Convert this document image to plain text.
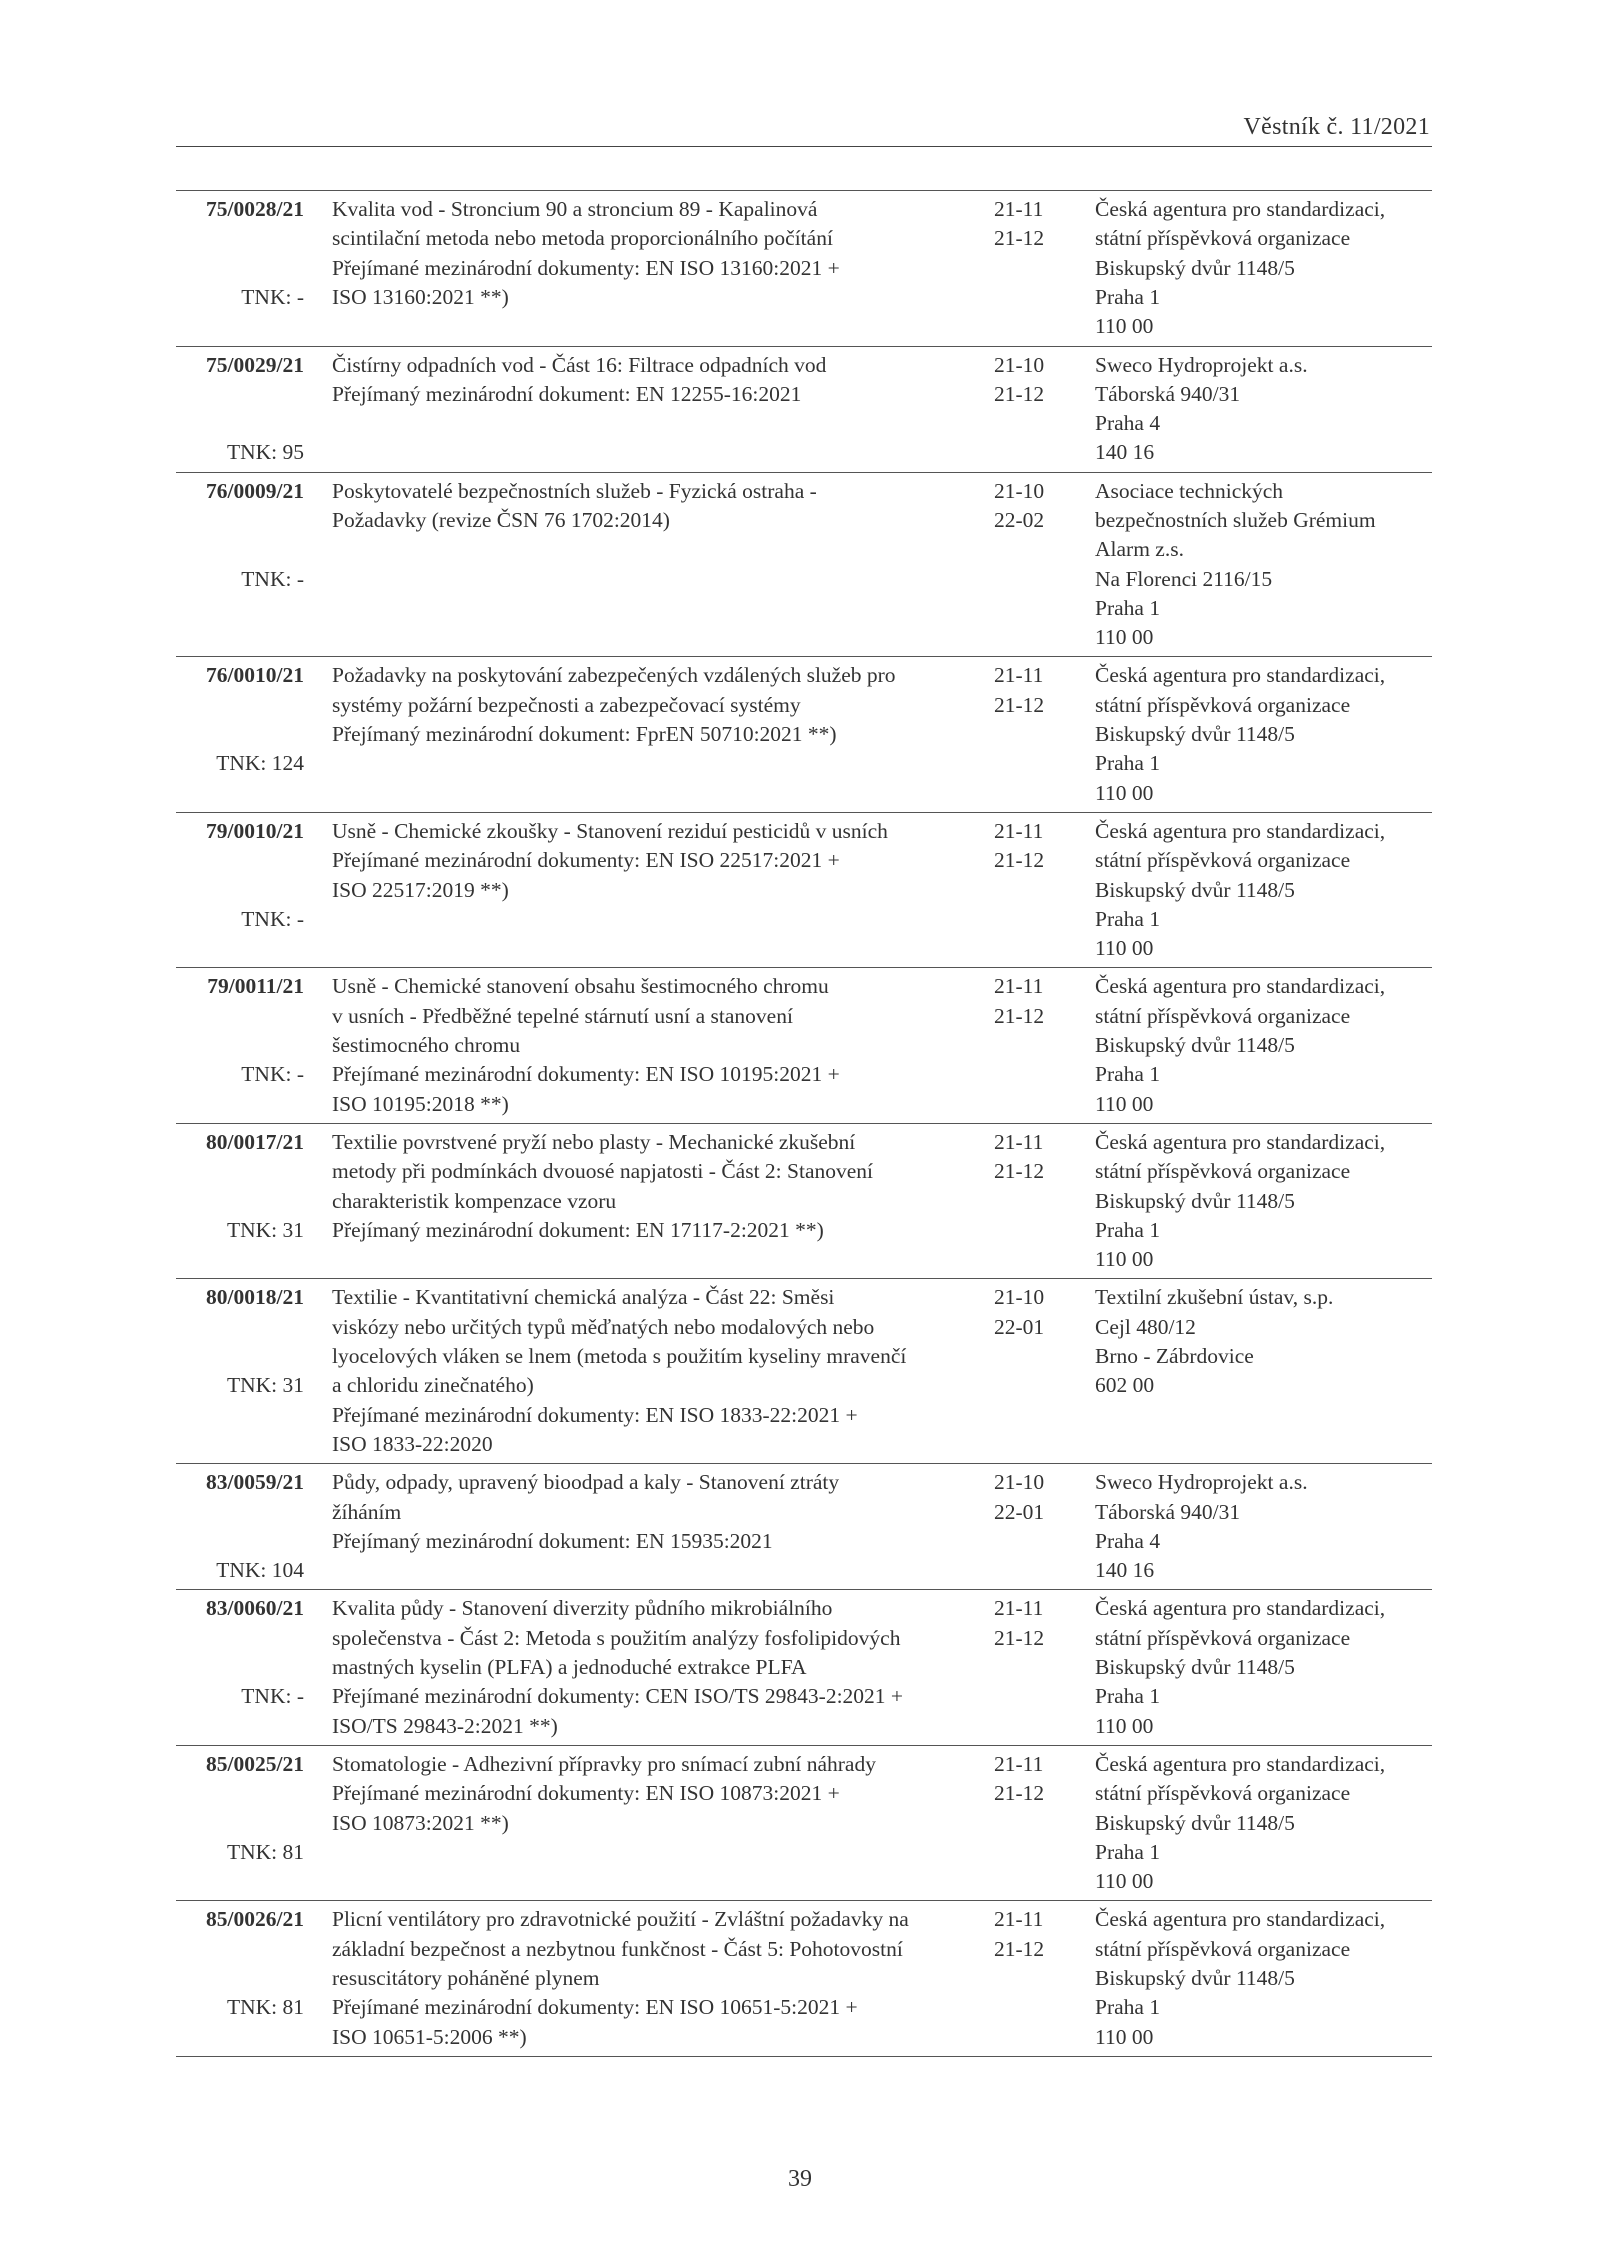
Věstník č. 11/2021
75/0028/21
TNK: -
Kvalita vod - Stroncium 90 a stroncium 89 - Kapalinová
scintilační metoda nebo metoda proporcionálního počítání
Přejímané mezinárodní dokumenty: EN ISO 13160:2021 +
ISO 13160:2021 **)
21-11
21-12
Česká agentura pro standardizaci,
státní příspěvková organizace
Biskupský dvůr 1148/5
Praha 1
110 00
75/0029/21
TNK: 95
Čistírny odpadních vod - Část 16: Filtrace odpadních vod
Přejímaný mezinárodní dokument: EN 12255-16:2021
21-10
21-12
Sweco Hydroprojekt a.s.
Táborská 940/31
Praha 4
140 16
76/0009/21
TNK: -
Poskytovatelé bezpečnostních služeb - Fyzická ostraha -
Požadavky (revize ČSN 76 1702:2014)
21-10
22-02
Asociace technických
bezpečnostních služeb Grémium
Alarm z.s.
Na Florenci 2116/15
Praha 1
110 00
76/0010/21
TNK: 124
Požadavky na poskytování zabezpečených vzdálených služeb pro
systémy požární bezpečnosti a zabezpečovací systémy
Přejímaný mezinárodní dokument: FprEN 50710:2021 **)
21-11
21-12
Česká agentura pro standardizaci,
státní příspěvková organizace
Biskupský dvůr 1148/5
Praha 1
110 00
79/0010/21
TNK: -
Usně - Chemické zkoušky - Stanovení reziduí pesticidů v usních
Přejímané mezinárodní dokumenty: EN ISO 22517:2021 +
ISO 22517:2019 **)
21-11
21-12
Česká agentura pro standardizaci,
státní příspěvková organizace
Biskupský dvůr 1148/5
Praha 1
110 00
79/0011/21
TNK: -
Usně - Chemické stanovení obsahu šestimocného chromu
v usních - Předběžné tepelné stárnutí usní a stanovení
šestimocného chromu
Přejímané mezinárodní dokumenty: EN ISO 10195:2021 +
ISO 10195:2018 **)
21-11
21-12
Česká agentura pro standardizaci,
státní příspěvková organizace
Biskupský dvůr 1148/5
Praha 1
110 00
80/0017/21
TNK: 31
Textilie povrstvené pryží nebo plasty - Mechanické zkušební
metody při podmínkách dvouosé napjatosti - Část 2: Stanovení
charakteristik kompenzace vzoru
Přejímaný mezinárodní dokument: EN 17117-2:2021 **)
21-11
21-12
Česká agentura pro standardizaci,
státní příspěvková organizace
Biskupský dvůr 1148/5
Praha 1
110 00
80/0018/21
TNK: 31
Textilie - Kvantitativní chemická analýza - Část 22: Směsi
viskózy nebo určitých typů měďnatých nebo modalových nebo
lyocelových vláken se lnem (metoda s použitím kyseliny mravenčí
a chloridu zinečnatého)
Přejímané mezinárodní dokumenty: EN ISO 1833-22:2021 +
ISO 1833-22:2020
21-10
22-01
Textilní zkušební ústav, s.p.
Cejl 480/12
Brno - Zábrdovice
602 00
83/0059/21
TNK: 104
Půdy, odpady, upravený bioodpad a kaly - Stanovení ztráty
žíháním
Přejímaný mezinárodní dokument: EN 15935:2021
21-10
22-01
Sweco Hydroprojekt a.s.
Táborská 940/31
Praha 4
140 16
83/0060/21
TNK: -
Kvalita půdy - Stanovení diverzity půdního mikrobiálního
společenstva - Část 2: Metoda s použitím analýzy fosfolipidových
mastných kyselin (PLFA) a jednoduché extrakce PLFA
Přejímané mezinárodní dokumenty: CEN ISO/TS 29843-2:2021 +
ISO/TS 29843-2:2021 **)
21-11
21-12
Česká agentura pro standardizaci,
státní příspěvková organizace
Biskupský dvůr 1148/5
Praha 1
110 00
85/0025/21
TNK: 81
Stomatologie - Adhezivní přípravky pro snímací zubní náhrady
Přejímané mezinárodní dokumenty: EN ISO 10873:2021 +
ISO 10873:2021 **)
21-11
21-12
Česká agentura pro standardizaci,
státní příspěvková organizace
Biskupský dvůr 1148/5
Praha 1
110 00
85/0026/21
TNK: 81
Plicní ventilátory pro zdravotnické použití - Zvláštní požadavky na
základní bezpečnost a nezbytnou funkčnost - Část 5: Pohotovostní
resuscitátory poháněné plynem
Přejímané mezinárodní dokumenty: EN ISO 10651-5:2021 +
ISO 10651-5:2006 **)
21-11
21-12
Česká agentura pro standardizaci,
státní příspěvková organizace
Biskupský dvůr 1148/5
Praha 1
110 00
39
